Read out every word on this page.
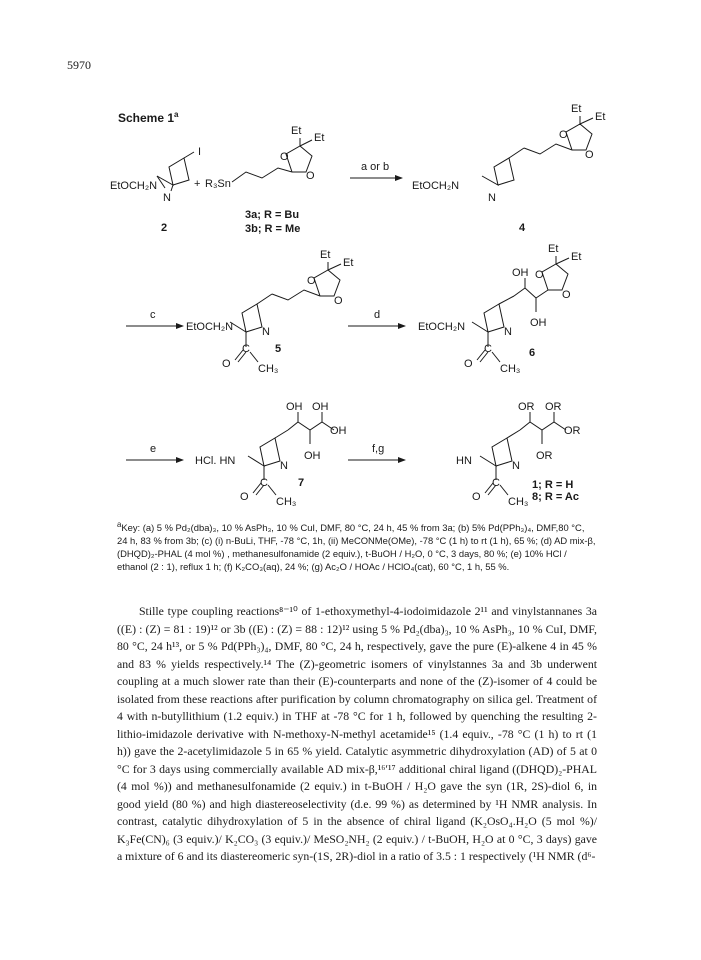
5970
Scheme 1$^a$
I
EtOCH₂N
N
2
+ R₃Sn
Et
Et
O
O
3a; R = Bu
3b; R = Me
a or b
EtOCH₂N
N
4
Et
Et
O
O
c
EtOCH₂N	N
C
O CH₃
5
Et
Et
O
O
d
EtOCH₂N	N
C
O CH₃
6
OH
OH
Et
Et
O
O
e
HCl. HN	N
C
O CH₃
7
OH OH
OH
OH
f,g
HN	N
C
O CH₃
OR OR
OR
OR
1; R = H
8; R = Ac
$^a$Key: (a) 5 % Pd₂(dba)₃, 10 % AsPh₃, 10 % CuI, DMF, 80 °C, 24 h, 45 % from 3a; (b) 5% Pd(PPh₃)₄, DMF,80 °C, 24 h, 83 % from 3b; (c) (i) n-BuLi, THF, -78 °C, 1h, (ii) MeCONMe(OMe), -78 °C (1 h) to rt (1 h), 65 %; (d) AD mix-β, (DHQD)₂-PHAL (4 mol %) , methanesulfonamide (2 equiv.), t-BuOH / H₂O, 0 °C, 3 days, 80 %; (e) 10% HCl / ethanol (2 : 1), reflux 1 h; (f) K₂CO₃(aq), 24 %; (g) Ac₂O / HOAc / HClO₄(cat), 60 °C, 1 h, 55 %.

Stille type coupling reactions⁸⁻¹⁰ of 1-ethoxymethyl-4-iodoimidazole 2¹¹ and vinylstannanes 3a ((E) : (Z) = 81 : 19)¹² or 3b ((E) : (Z) = 88 : 12)¹² using 5 % Pd₂(dba)₃, 10 % AsPh₃, 10 % CuI, DMF, 80 °C, 24 h¹³, or 5 % Pd(PPh₃)₄, DMF, 80 °C, 24 h, respectively, gave the pure (E)-alkene 4 in 45 % and 83 % yields respectively.¹⁴ The (Z)-geometric isomers of vinylstannes 3a and 3b underwent coupling at a much slower rate than their (E)-counterparts and none of the (Z)-isomer of 4 could be isolated from these reactions after purification by column chromatography on silica gel. Treatment of 4 with n-butyllithium (1.2 equiv.) in THF at -78 °C for 1 h, followed by quenching the resulting 2-lithio-imidazole derivative with N-methoxy-N-methyl acetamide¹⁵ (1.4 equiv., -78 °C (1 h) to rt (1 h)) gave the 2-acetylimidazole 5 in 65 % yield. Catalytic asymmetric dihydroxylation (AD) of 5 at 0 °C for 3 days using commercially available AD mix-β,¹⁶ʹ¹⁷ additional chiral ligand ((DHQD)₂-PHAL (4 mol %)) and methanesulfonamide (2 equiv.) in t-BuOH / H₂O gave the syn (1R, 2S)-diol 6, in good yield (80 %) and high diastereoselectivity (d.e. 99 %) as determined by ¹H NMR analysis. In contrast, catalytic dihydroxylation of 5 in the absence of chiral ligand (K₂OsO₄.H₂O (5 mol %)/ K₃Fe(CN)₆ (3 equiv.)/ K₂CO₃ (3 equiv.)/ MeSO₂NH₂ (2 equiv.) / t-BuOH, H₂O at 0 °C, 3 days) gave a mixture of 6 and its diastereomeric syn-(1S, 2R)-diol in a ratio of 3.5 : 1 respectively (¹H NMR (d⁶-
